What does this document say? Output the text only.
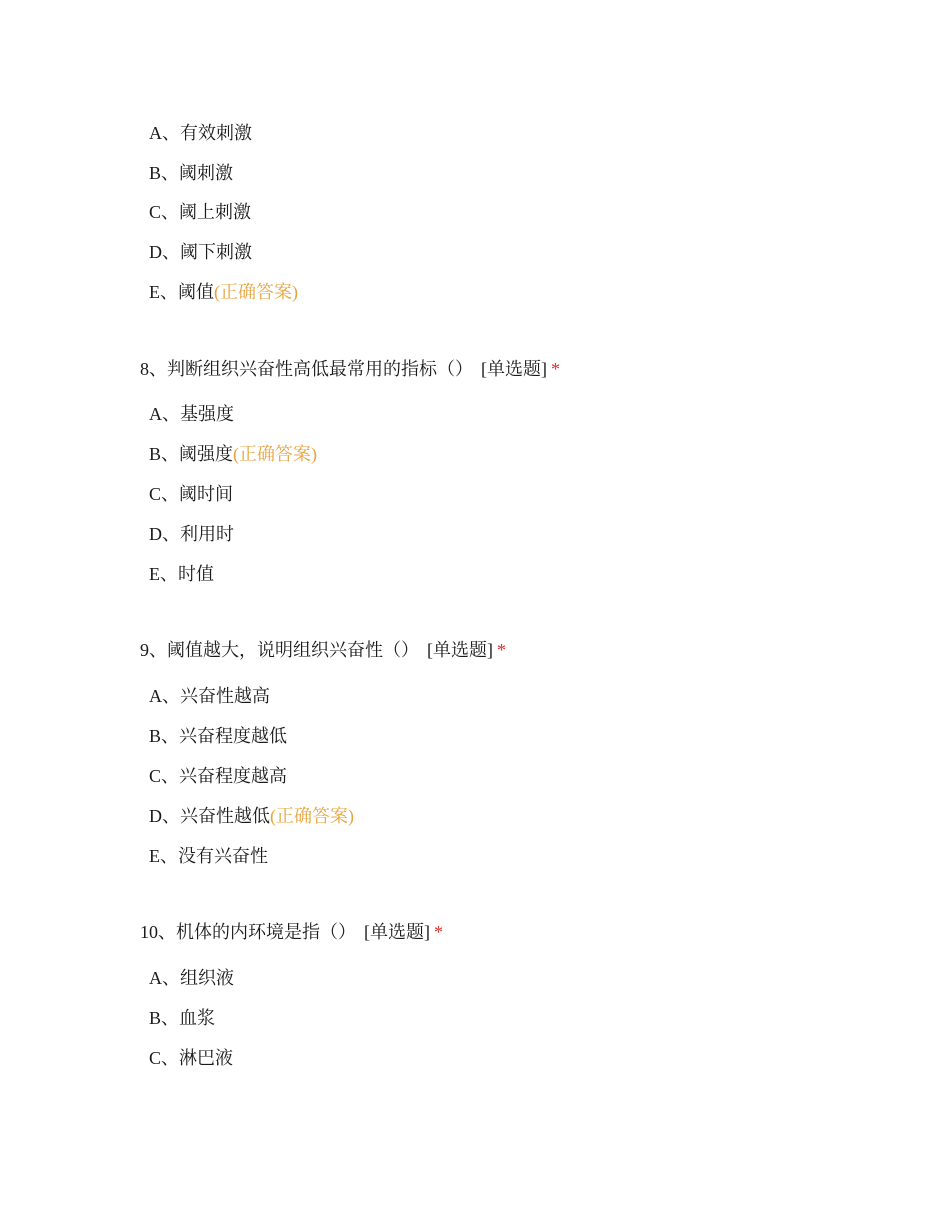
A、有效刺激
B、阈刺激
C、阈上刺激
D、阈下刺激
E、阈值(正确答案)
8、判断组织兴奋性高低最常用的指标（） [单选题] *
A、基强度
B、阈强度(正确答案)
C、阈时间
D、利用时
E、时值
9、阈值越大，说明组织兴奋性（） [单选题] *
A、兴奋性越高
B、兴奋程度越低
C、兴奋程度越高
D、兴奋性越低(正确答案)
E、没有兴奋性
10、机体的内环境是指（） [单选题] *
A、组织液
B、血浆
C、淋巴液
